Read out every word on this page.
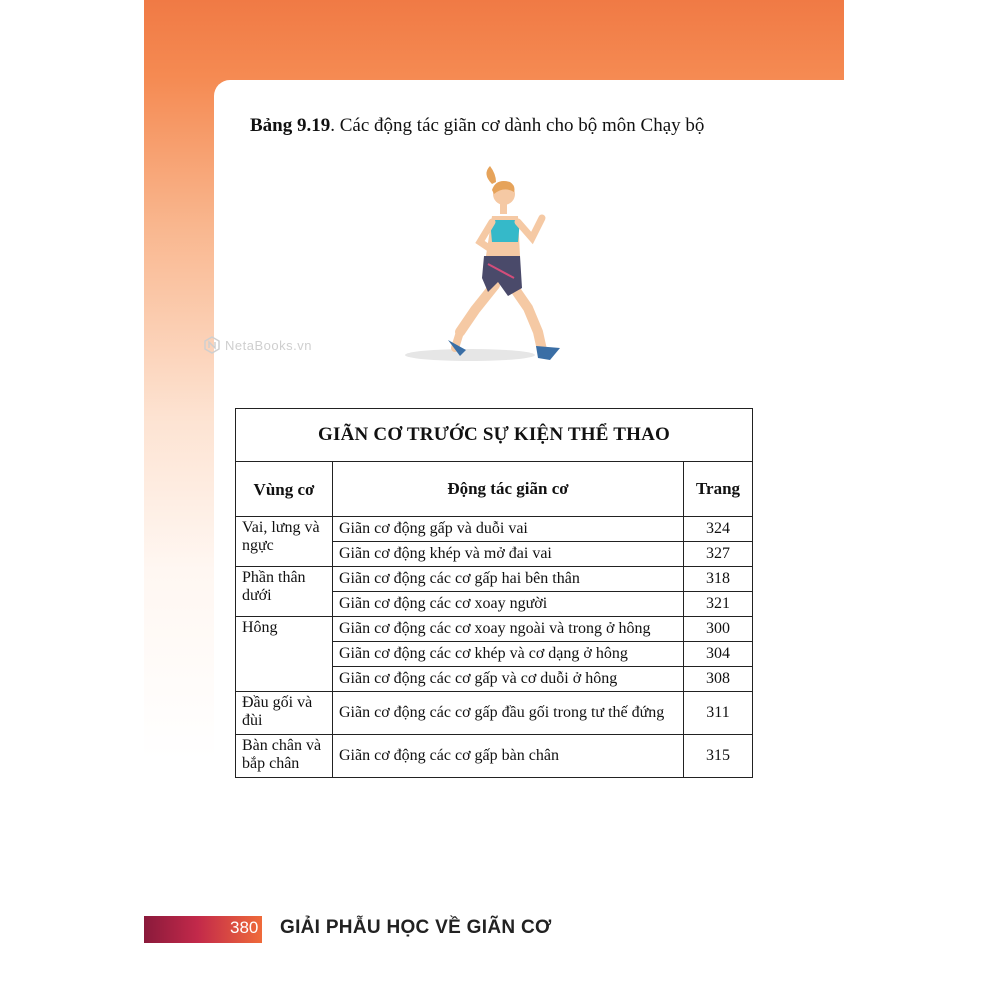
Bảng 9.19. Các động tác giãn cơ dành cho bộ môn Chạy bộ
NetaBooks.vn
GIÃN CƠ TRƯỚC SỰ KIỆN THỂ THAO		
Vùng cơ	Động tác giãn cơ	Trang
Vai, lưng và ngực	Giãn cơ động gấp và duỗi vai	324
	Giãn cơ động khép và mở đai vai	327
Phần thân dưới	Giãn cơ động các cơ gấp hai bên thân	318
	Giãn cơ động các cơ xoay người	321
Hông	Giãn cơ động các cơ xoay ngoài và trong ở hông	300
	Giãn cơ động các cơ khép và cơ dạng ở hông	304
	Giãn cơ động các cơ gấp và cơ duỗi ở hông	308
Đầu gối và đùi	Giãn cơ động các cơ gấp đầu gối trong tư thế đứng	311
Bàn chân và bắp chân	Giãn cơ động các cơ gấp bàn chân	315
380 GIẢI PHẪU HỌC VỀ GIÃN CƠ
